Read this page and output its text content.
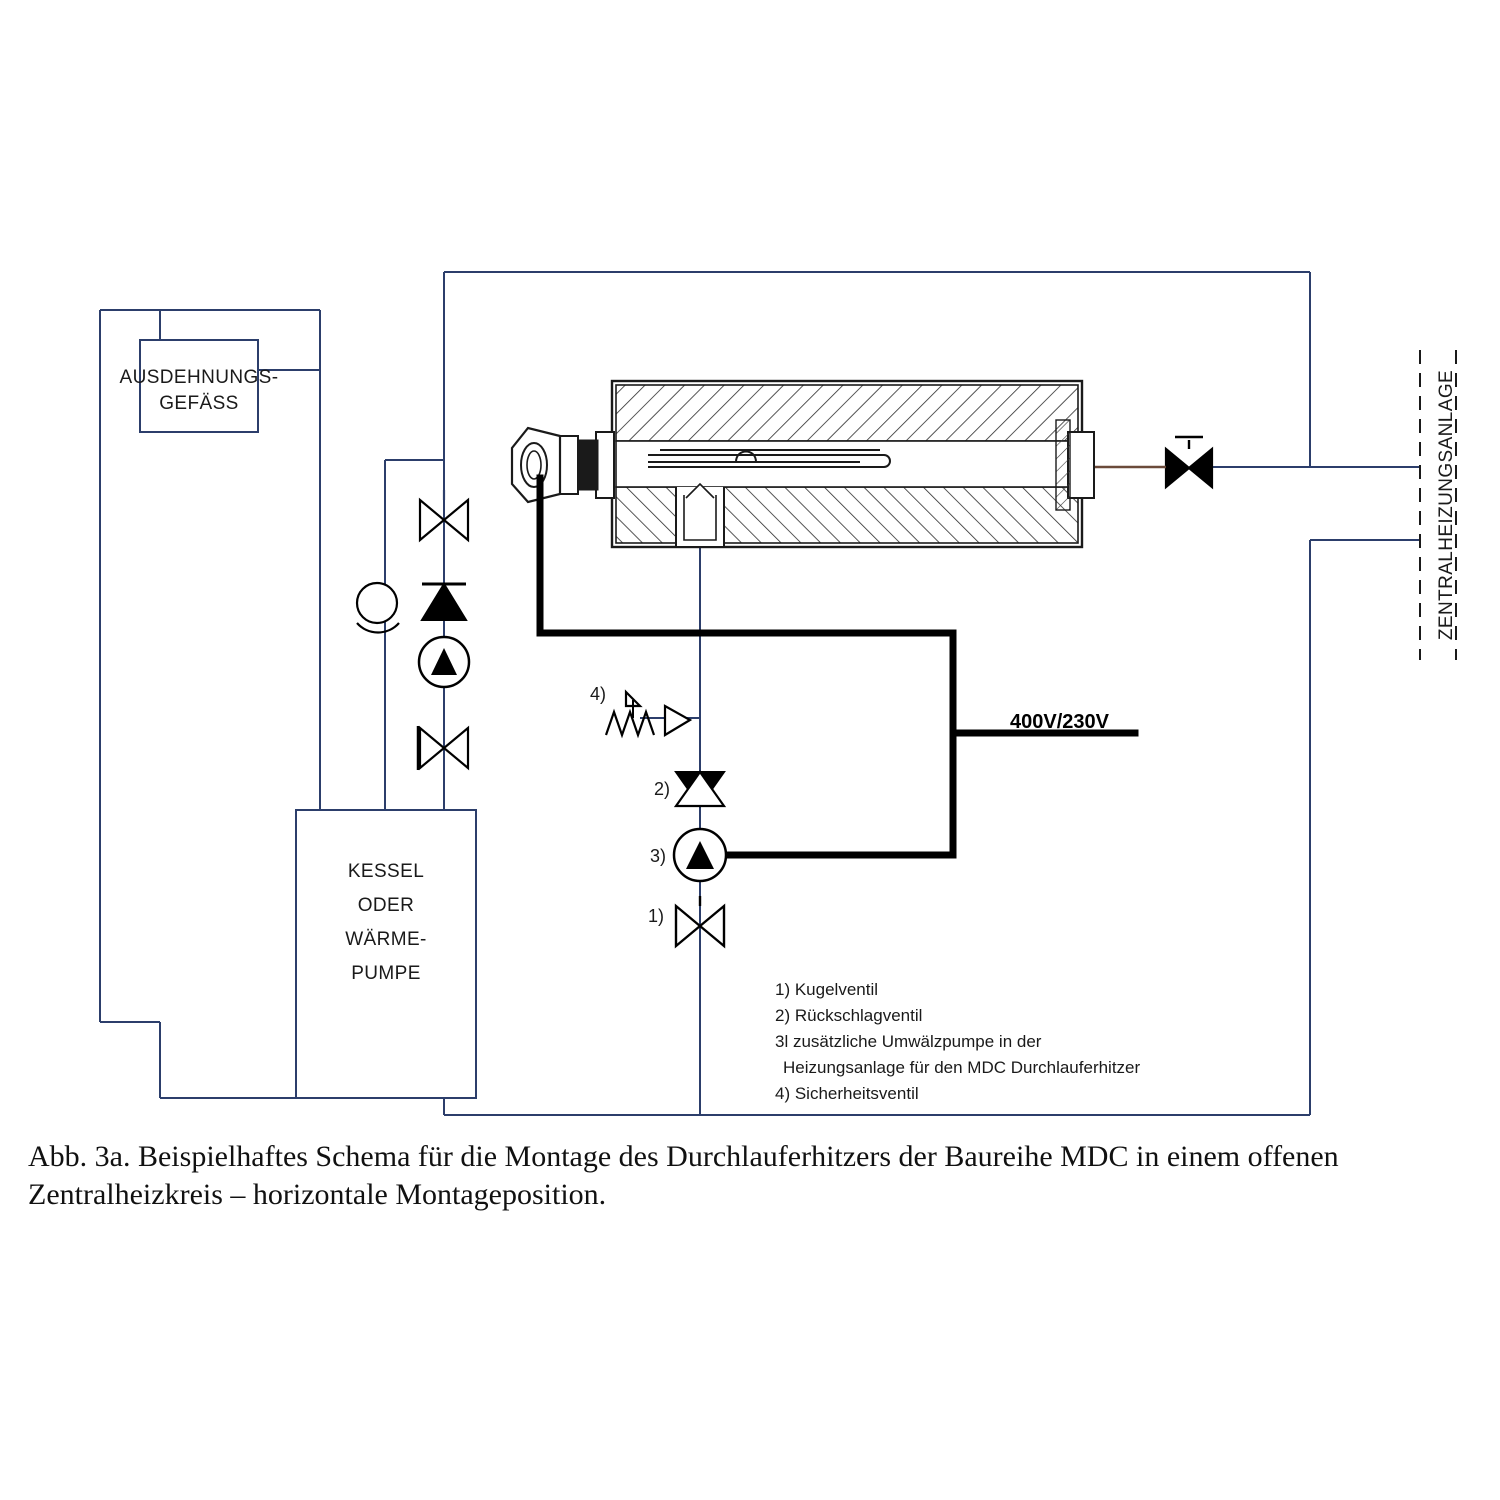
KESSEL
ODER
WÄRME-
PUMPE
AUSDEHNUNGS-
GEFÄSS
4)
2)
3)
1)
ZENTRALHEIZUNGSANLAGE
400V/230V
1) Kugelventil
2) Rückschlagventil
3l zusätzliche Umwälzpumpe in der
Heizungsanlage für den MDC Durchlauferhitzer
4) Sicherheitsventil
Abb. 3a. Beispielhaftes Schema für die Montage des Durchlauferhitzers der Baureihe MDC in einem offenen Zentralheizkreis – horizontale Montageposition.
